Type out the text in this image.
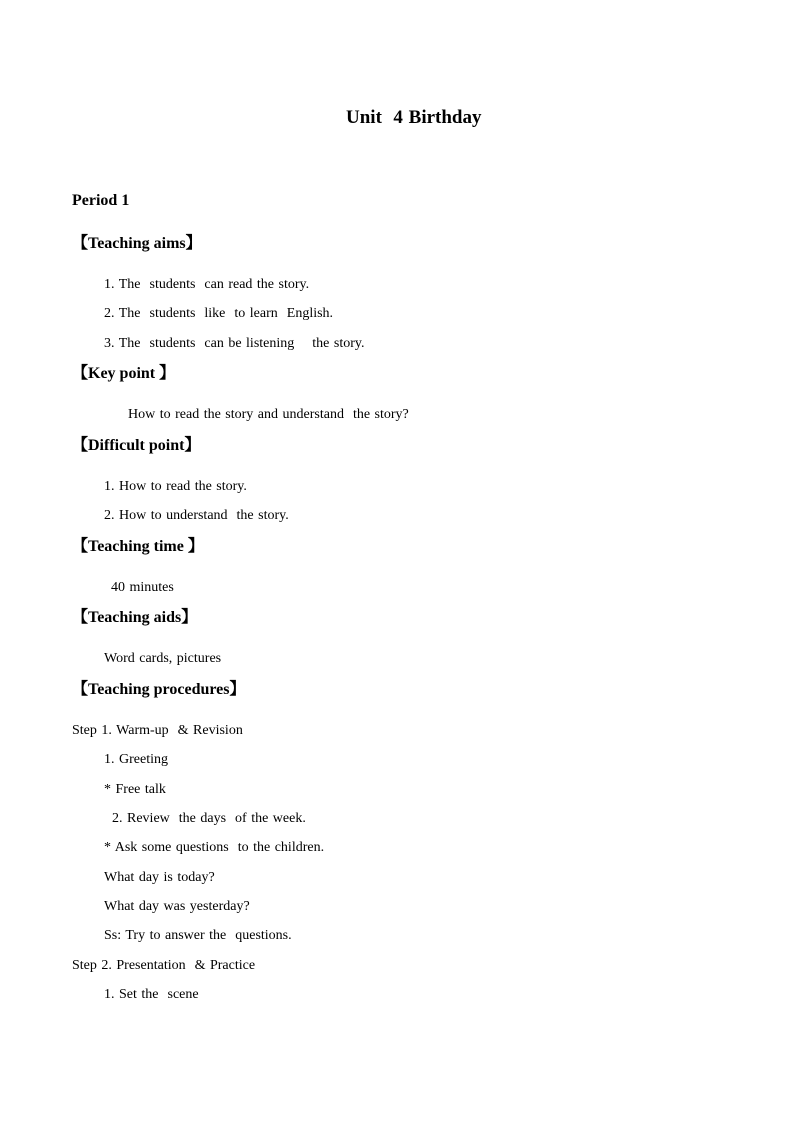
Unit  4 Birthday
Period 1
【Teaching aims】
1. The  students  can read the story.
2. The  students  like  to learn  English.
3. The  students  can be listening    the story.
【Key point 】
How to read the story and understand  the story?
【Difficult point】
1. How to read the story.
2. How to understand  the story.
【Teaching time 】
40 minutes
【Teaching aids】
Word cards, pictures
【Teaching procedures】
Step 1. Warm-up  & Revision
1. Greeting
* Free talk
2. Review  the days  of the week.
* Ask some questions  to the children.
What day is today?
What day was yesterday?
Ss: Try to answer the  questions.
Step 2. Presentation  & Practice
1. Set the  scene
